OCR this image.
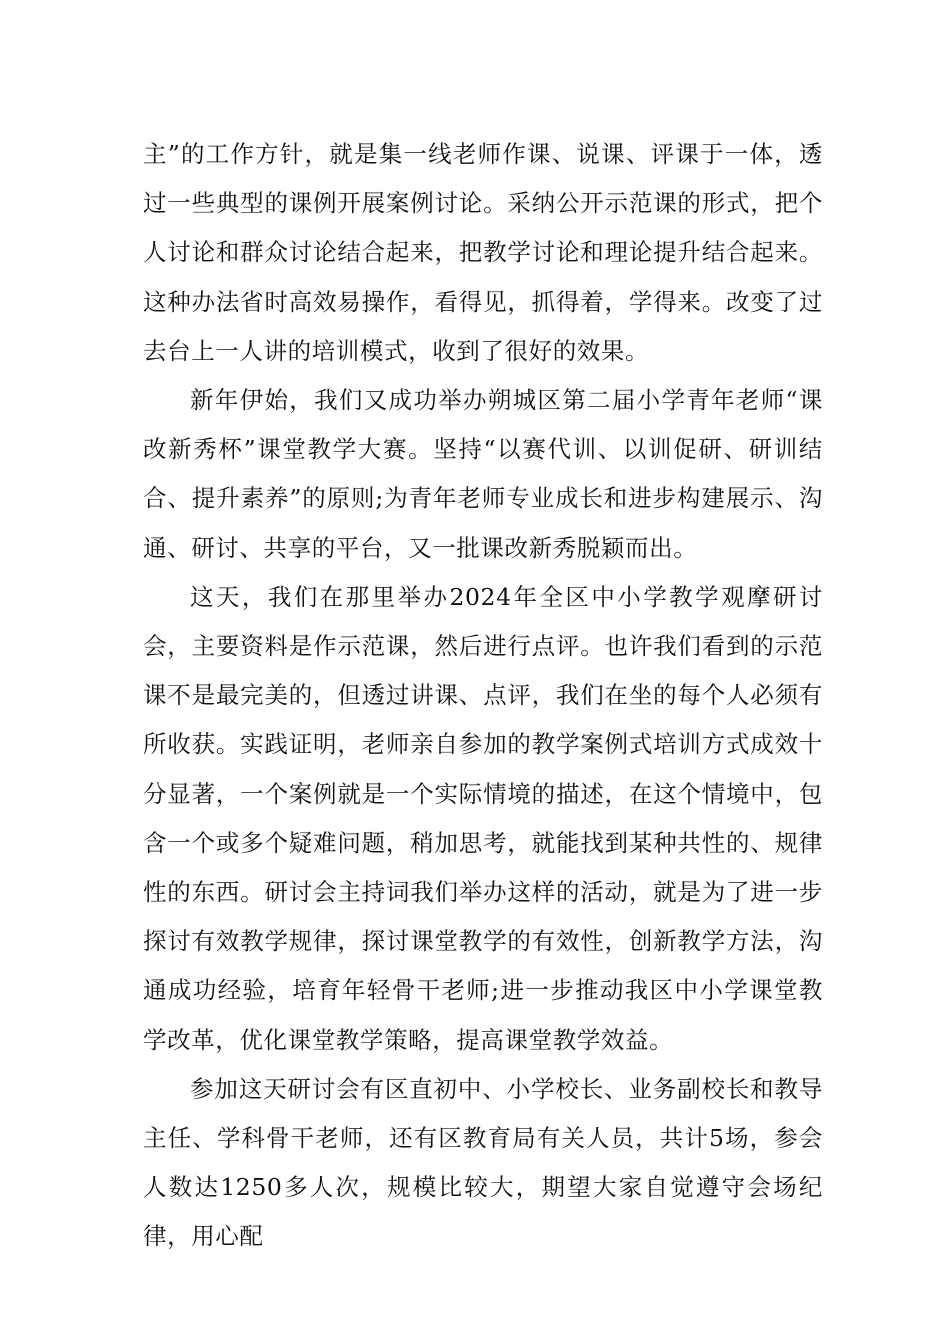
主”的工作方针，就是集一线老师作课、说课、评课于一体，透过一些典型的课例开展案例讨论。采纳公开示范课的形式，把个人讨论和群众讨论结合起来，把教学讨论和理论提升结合起来。这种办法省时高效易操作，看得见，抓得着，学得来。改变了过去台上一人讲的培训模式，收到了很好的效果。

新年伊始，我们又成功举办朔城区第二届小学青年老师“课改新秀杯”课堂教学大赛。坚持“以赛代训、以训促研、研训结合、提升素养”的原则;为青年老师专业成长和进步构建展示、沟通、研讨、共享的平台，又一批课改新秀脱颖而出。

这天，我们在那里举办2024年全区中小学教学观摩研讨会，主要资料是作示范课，然后进行点评。也许我们看到的示范课不是最完美的，但透过讲课、点评，我们在坐的每个人必须有所收获。实践证明，老师亲自参加的教学案例式培训方式成效十分显著，一个案例就是一个实际情境的描述，在这个情境中，包含一个或多个疑难问题，稍加思考，就能找到某种共性的、规律性的东西。研讨会主持词我们举办这样的活动，就是为了进一步探讨有效教学规律，探讨课堂教学的有效性，创新教学方法，沟通成功经验，培育年轻骨干老师;进一步推动我区中小学课堂教学改革，优化课堂教学策略，提高课堂教学效益。

参加这天研讨会有区直初中、小学校长、业务副校长和教导主任、学科骨干老师，还有区教育局有关人员，共计5场，参会人数达1250多人次，规模比较大，期望大家自觉遵守会场纪律，用心配
